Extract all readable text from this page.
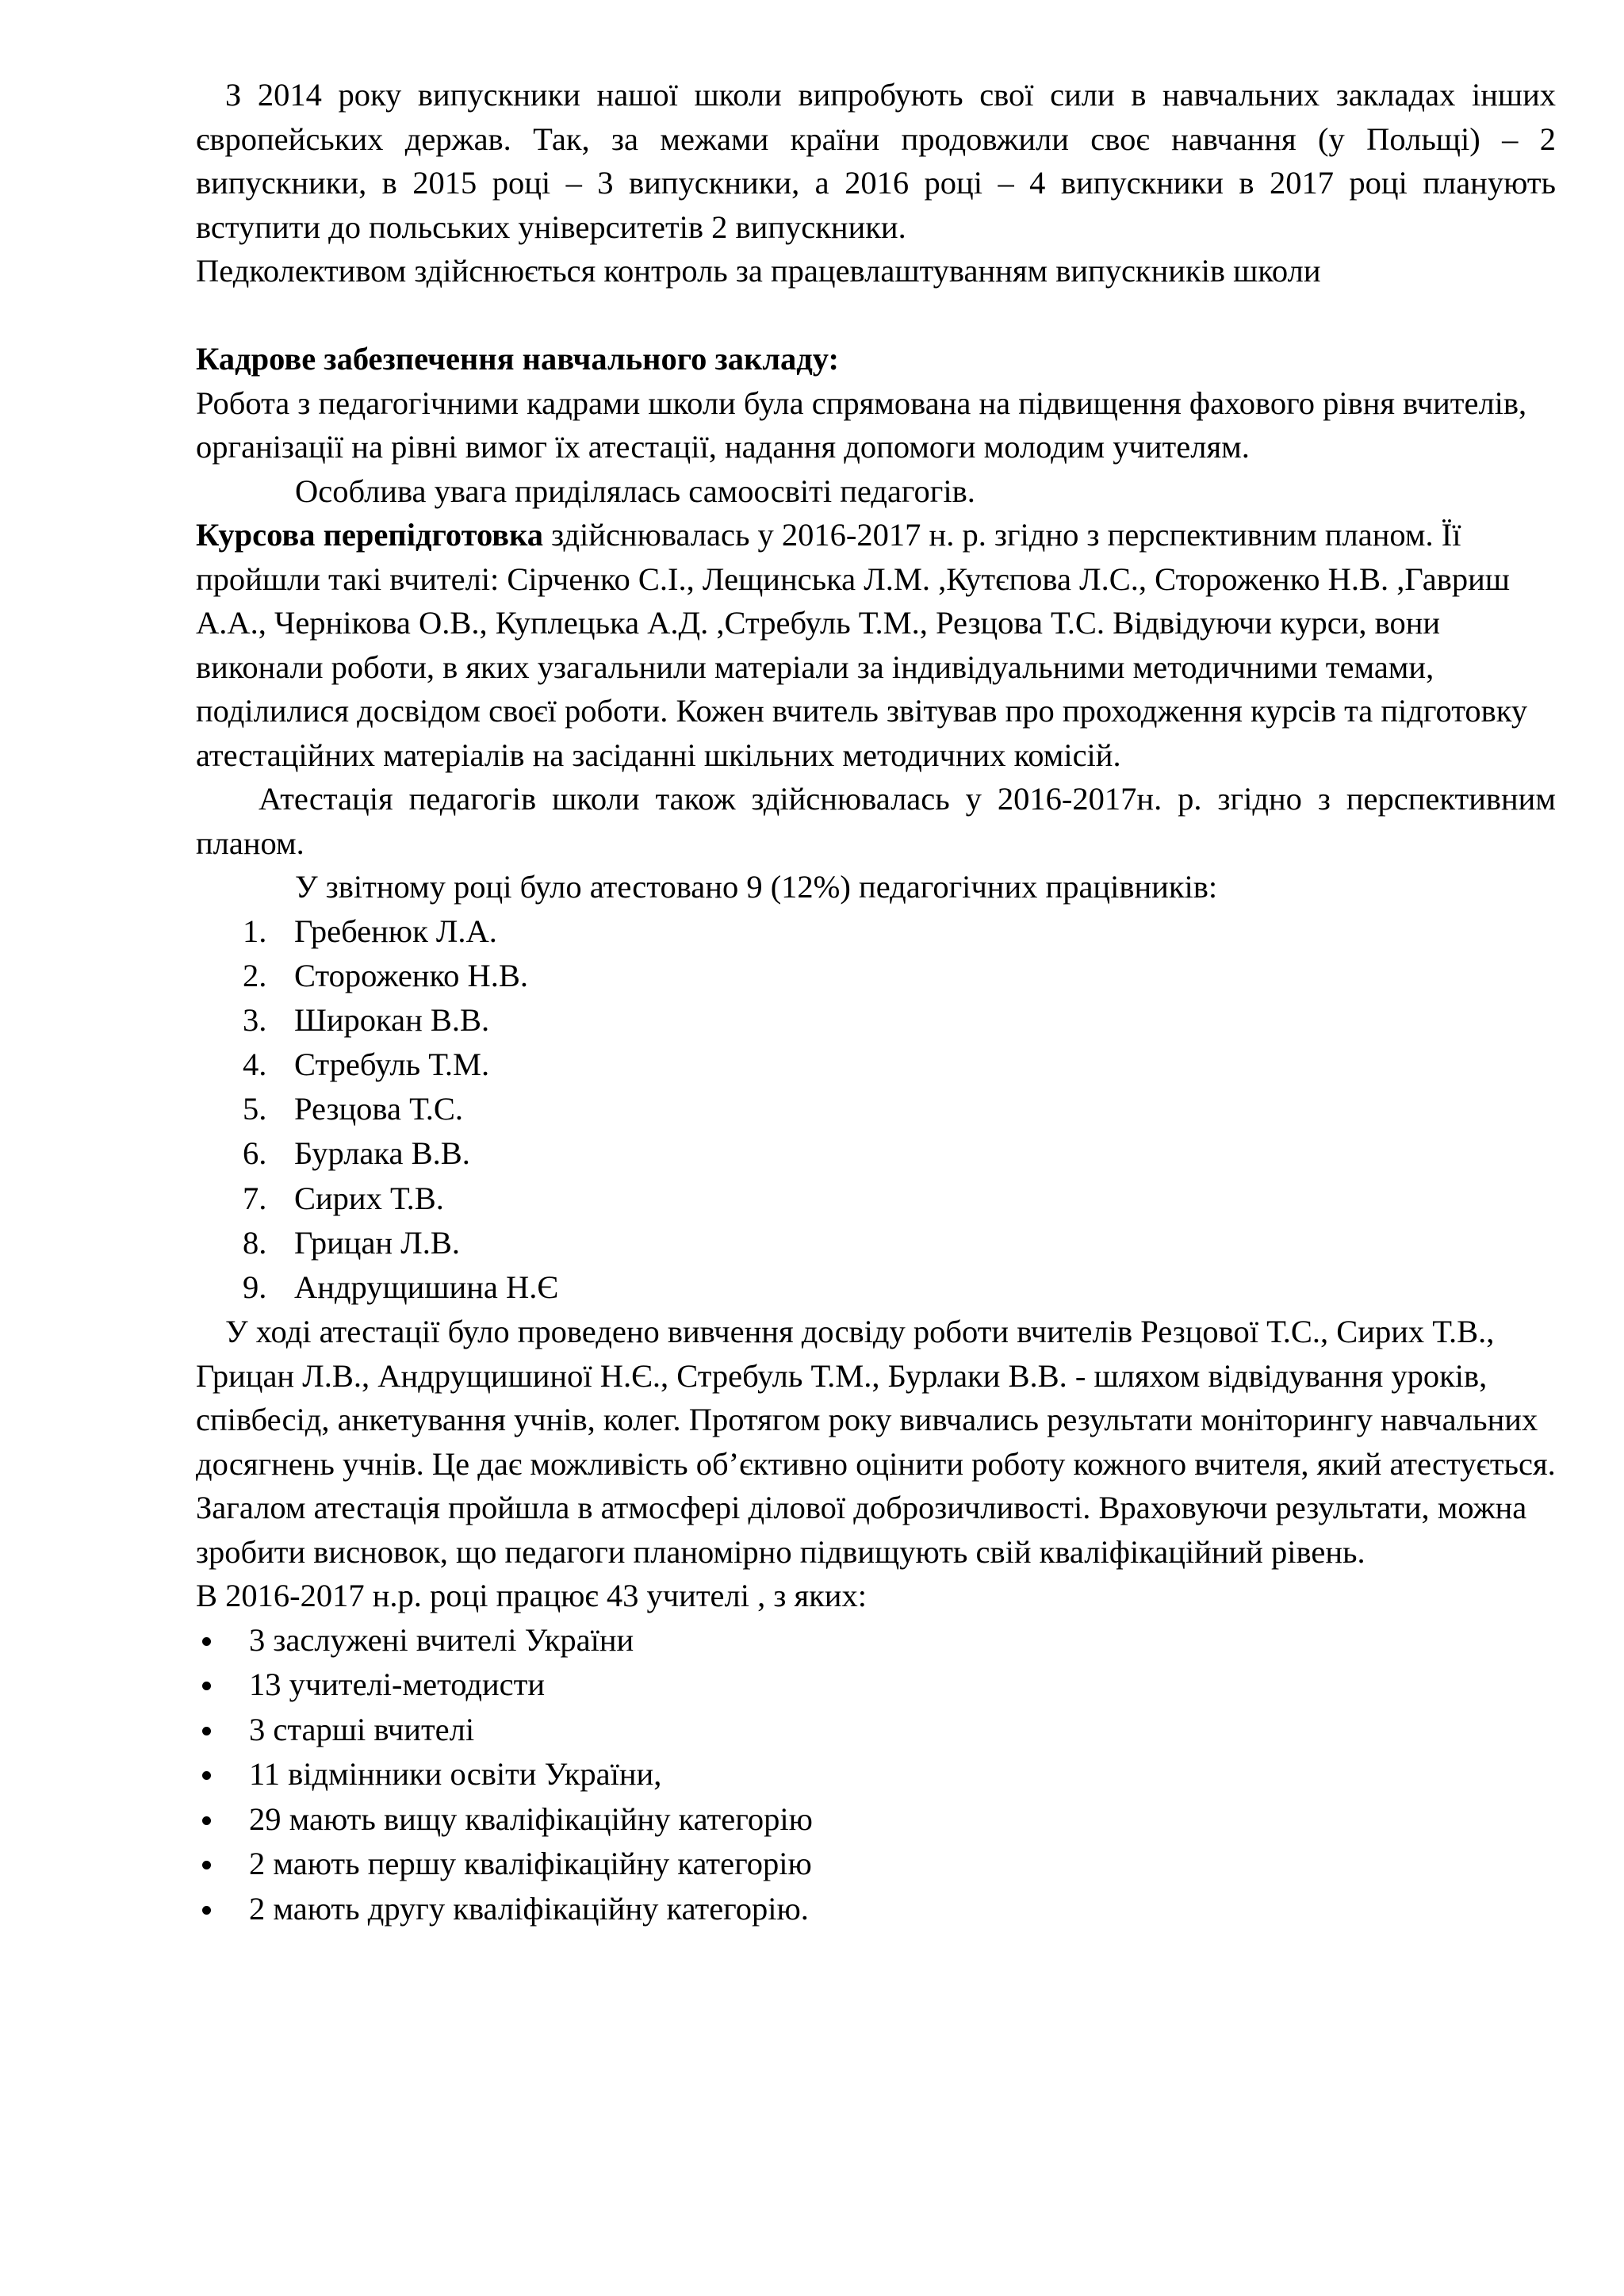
З 2014 року випускники нашої школи випробують свої сили в навчальних закладах інших європейських держав. Так, за межами країни продовжили своє навчання (у Польщі) – 2 випускники, в 2015 році – 3 випускники, а 2016 році – 4 випускники в 2017 році планують вступити до польських університетів 2 випускники.

Педколективом здійснюється контроль за працевлаштуванням випускників школи

Кадрове забезпечення навчального закладу:

Робота з педагогічними кадрами школи була спрямована на підвищення фахового рівня вчителів, організації на рівні вимог їх атестації, надання допомоги молодим учителям.

Особлива увага приділялась самоосвіті педагогів.

Курсова перепідготовка здійснювалась у 2016-2017 н. р. згідно з перспективним планом. Її пройшли такі вчителі: Сірченко С.І., Лещинська Л.М. ,Кутєпова Л.С., Стороженко Н.В. ,Гавриш А.А., Чернікова О.В., Куплецька А.Д. ,Стребуль Т.М., Резцова Т.С. Відвідуючи курси, вони виконали роботи, в яких узагальнили матеріали за індивідуальними методичними темами, поділилися досвідом своєї роботи. Кожен вчитель звітував про проходження курсів та підготовку атестаційних матеріалів на засіданні шкільних методичних комісій.

Атестація педагогів школи також здійснювалась у 2016-2017н. р. згідно з перспективним планом.

У звітному році було атестовано 9 (12%) педагогічних працівників:

1. Гребенюк Л.А.
2. Стороженко Н.В.
3. Широкан В.В.
4. Стребуль Т.М.
5. Резцова Т.С.
6. Бурлака В.В.
7. Сирих Т.В.
8. Грицан Л.В.
9. Андрущишина Н.Є

У ході атестації було проведено вивчення досвіду роботи вчителів Резцової Т.С., Сирих Т.В., Грицан Л.В., Андрущишиної Н.Є., Стребуль Т.М., Бурлаки В.В. - шляхом відвідування уроків, співбесід, анкетування учнів, колег. Протягом року вивчались результати моніторингу навчальних досягнень учнів. Це дає можливість об’єктивно оцінити роботу кожного вчителя, який атестується. Загалом атестація пройшла в атмосфері ділової доброзичливості. Враховуючи результати, можна зробити висновок, що педагоги планомірно підвищують свій кваліфікаційний рівень.

В 2016-2017 н.р. році працює 43 учителі , з яких:

3 заслужені вчителі України
13 учителі-методисти
3 старші вчителі
11 відмінники освіти України,
29 мають вищу кваліфікаційну категорію
2 мають першу кваліфікаційну категорію
2 мають другу кваліфікаційну категорію.
